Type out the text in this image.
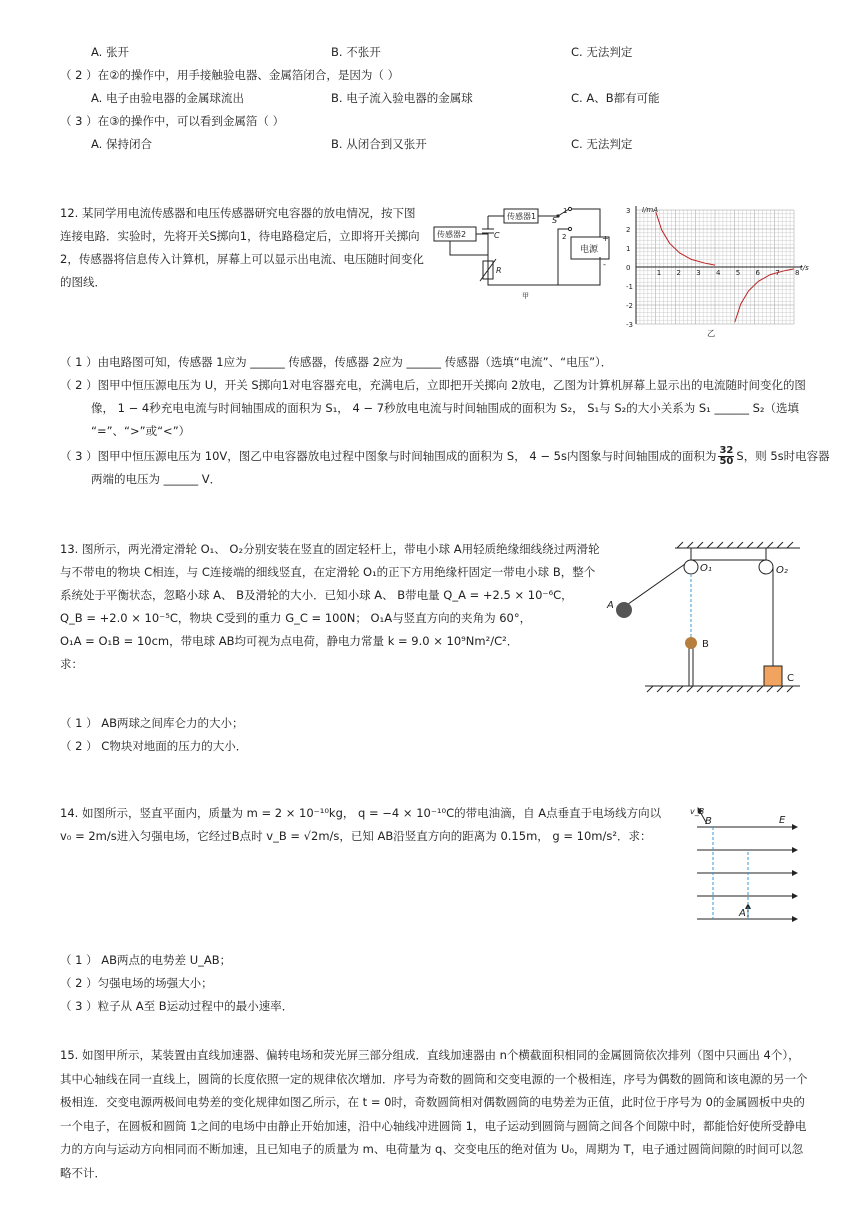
A. 张开	B. 不张开	C. 无法判定
（ 2 ）在②的操作中，用手接触验电器、金属箔闭合，是因为（ ）
A. 电子由验电器的金属球流出	B. 电子流入验电器的金属球	C. A、B都有可能
（ 3 ）在③的操作中，可以看到金属箔（ ）
A. 保持闭合	B. 从闭合到又张开	C. 无法判定
12. 某同学用电流传感器和电压传感器研究电容器的放电情况，按下图连接电路．实验时，先将开关S掷向1，待电路稳定后，立即将开关掷向2，传感器将信息传入计算机，屏幕上可以显示出电流、电压随时间变化的图线．
传感器1
传感器2	C
R
S
1
2
电源
+
-
甲
1 2 3 4 5 6 7 8
3
2
1
0
-1
-2
-3
I/mA
t/s
乙
（ 1 ）由电路图可知，传感器 1应为 ______ 传感器，传感器 2应为 ______ 传感器（选填“电流”、“电压”）．
（ 2 ）图甲中恒压源电压为 U，开关 S掷向1对电容器充电，充满电后，立即把开关掷向 2放电，乙图为计算机屏幕上显示出的电流随时间变化的图
像， 1 − 4秒充电电流与时间轴围成的面积为 S₁， 4 − 7秒放电电流与时间轴围成的面积为 S₂， S₁与 S₂的大小关系为 S₁ ______ S₂（选填
“=”、“>”或“<”）
（ 3 ）图甲中恒压源电压为 10V，图乙中电容器放电过程中图象与时间轴围成的面积为 S， 4 − 5s内图象与时间轴围成的面积为 $\frac{32}{50}$ S，则 5s时电容器
两端的电压为 ______ V．
13. 图所示，两光滑定滑轮 O₁、 O₂分别安装在竖直的固定轻杆上，带电小球 A用轻质绝缘细线绕过两滑轮
与不带电的物块 C相连，与 C连接端的细线竖直，在定滑轮 O₁的正下方用绝缘杆固定一带电小球 B，整个
系统处于平衡状态，忽略小球 A、 B及滑轮的大小．已知小球 A、 B带电量 Q_A = +2.5 × 10⁻⁶C，
Q_B = +2.0 × 10⁻⁵C，物块 C受到的重力 G_C = 100N； O₁A与竖直方向的夹角为 60°，
O₁A = O₁B = 10cm，带电球 AB均可视为点电荷，静电力常量 k = 9.0 × 10⁹Nm²/C²．
求：
（ 1 ） AB两球之间库仑力的大小；
（ 2 ） C物块对地面的压力的大小．
O₁	O₂
A
B
C
14. 如图所示，竖直平面内，质量为 m = 2 × 10⁻¹⁰kg， q = −4 × 10⁻¹⁰C的带电油滴，自 A点垂直于电场线方向以
v₀ = 2m/s进入匀强电场，它经过B点时 v_B = √2m/s，已知 AB沿竖直方向的距离为 0.15m， g = 10m/s²．求：
（ 1 ） AB两点的电势差 U_AB；
（ 2 ）匀强电场的场强大小；
（ 3 ）粒子从 A至 B运动过程中的最小速率．
v_B
B	E
A
15. 如图甲所示，某装置由直线加速器、偏转电场和荧光屏三部分组成．直线加速器由 n个横截面积相同的金属圆筒依次排列（图中只画出 4个），其中心轴线在同一直线上，圆筒的长度依照一定的规律依次增加．序号为奇数的圆筒和交变电源的一个极相连，序号为偶数的圆筒和该电源的另一个极相连．交变电源两极间电势差的变化规律如图乙所示，在 t = 0时，奇数圆筒相对偶数圆筒的电势差为正值，此时位于序号为 0的金属圆板中央的一个电子，在圆板和圆筒 1之间的电场中由静止开始加速，沿中心轴线冲进圆筒 1，电子运动到圆筒与圆筒之间各个间隙中时，都能恰好使所受静电力的方向与运动方向相同而不断加速，且已知电子的质量为 m、电荷量为 q、交变电压的绝对值为 U₀，周期为 T，电子通过圆筒间隙的时间可以忽略不计．
